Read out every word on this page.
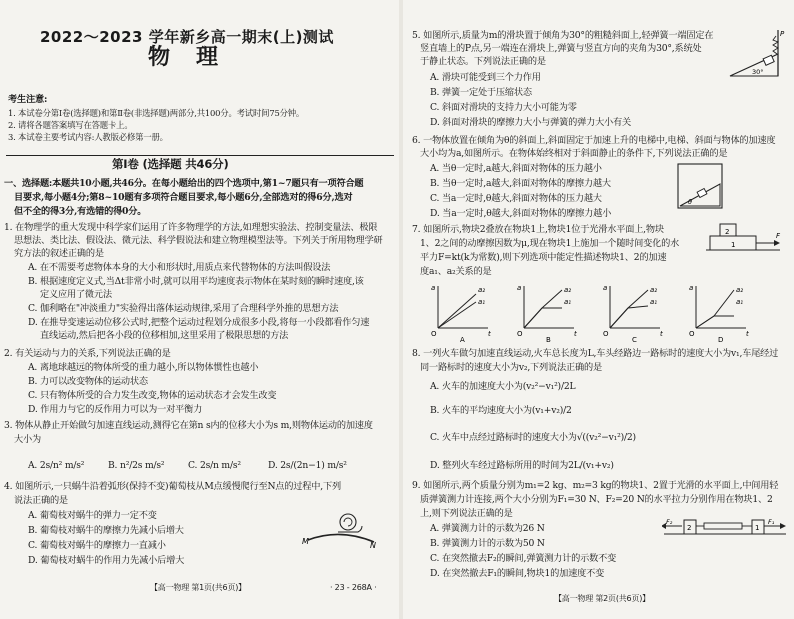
2022～2023 学年新乡高一期末(上)测试
物理
考生注意:
1. 本试卷分第Ⅰ卷(选择题)和第Ⅱ卷(非选择题)两部分,共100分。考试时间75分钟。
2. 请将各题答案填写在答题卡上。
3. 本试卷主要考试内容:人教版必修第一册。
第Ⅰ卷 (选择题 共46分)
一、选择题:本题共10小题,共46分。在每小题给出的四个选项中,第1~7题只有一项符合题
目要求,每小题4分;第8~10题有多项符合题目要求,每小题6分,全部选对的得6分,选对
但不全的得3分,有选错的得0分。
1. 在物理学的重大发现中科学家们运用了许多物理学的方法,如理想实验法、控制变量法、极限
思想法、类比法、假设法、微元法、科学假说法和建立物理模型法等。下列关于所用物理学研
究方法的叙述正确的是
A. 在不需要考虑物体本身的大小和形状时,用质点来代替物体的方法叫假设法
B. 根据速度定义式,当Δt非常小时,就可以用平均速度表示物体在某时刻的瞬时速度,该
定义应用了微元法
C. 伽利略在"冲淡重力"实验得出落体运动规律,采用了合理科学外推的思想方法
D. 在推导变速运动位移公式时,把整个运动过程划分成很多小段,将每一小段都看作匀速
直线运动,然后把各小段的位移相加,这里采用了极限思想的方法
2. 有关运动与力的关系,下列说法正确的是
A. 离地球越远的物体所受的重力越小,所以物体惯性也越小
B. 力可以改变物体的运动状态
C. 只有物体所受的合力发生改变,物体的运动状态才会发生改变
D. 作用力与它的反作用力可以为一对平衡力
3. 物体从静止开始做匀加速直线运动,测得它在第n s内的位移大小为s m,则物体运动的加速度
大小为
A. 2s/n² m/s²	B. n²/2s m/s²	C. 2s/n m/s²	D. 2s/(2n−1) m/s²
4. 如图所示,一只蜗牛沿着弧形(保持不变)葡萄枝从M点缓慢爬行至N点的过程中,下列
说法正确的是
A. 葡萄枝对蜗牛的弹力一定不变
B. 葡萄枝对蜗牛的摩擦力先减小后增大
C. 葡萄枝对蜗牛的摩擦力一直减小
D. 葡萄枝对蜗牛的作用力先减小后增大
M	N
【高一物理 第1页(共6页)】	· 23 - 268A ·
5. 如图所示,质量为m的滑块置于倾角为30°的粗糙斜面上,轻弹簧一端固定在
竖直墙上的P点,另一端连在滑块上,弹簧与竖直方向的夹角为30°,系统处
于静止状态。下列说法正确的是
A. 滑块可能受到三个力作用
B. 弹簧一定处于压缩状态
C. 斜面对滑块的支持力大小可能为零
D. 斜面对滑块的摩擦力大小与弹簧的弹力大小有关
P
30°
6. 一物体放置在倾角为θ的斜面上,斜面固定于加速上升的电梯中,电梯、斜面与物体的加速度
大小均为a,如图所示。在物体始终相对于斜面静止的条件下,下列说法正确的是
A. 当θ一定时,a越大,斜面对物体的压力越小
B. 当θ一定时,a越大,斜面对物体的摩擦力越大
C. 当a一定时,θ越大,斜面对物体的压力越大
D. 当a一定时,θ越大,斜面对物体的摩擦力越小
θ
7. 如图所示,物块2叠放在物块1上,物块1位于光滑水平面上,物块
1、2之间的动摩擦因数为μ,现在物块1上施加一个随时间变化的水
平力F=kt(k为常数),则下列选项中能定性描述物块1、2的加速
度a₁、a₂关系的是
2
1
F
a
t
O
a₂
a₁
A
a
t
O
a₂
a₁
B
a
t
O
a₂
a₁
C
a
t
O
a₂
a₁
D
8. 一列火车做匀加速直线运动,火车总长度为L,车头经路边一路标时的速度大小为v₁,车尾经过
同一路标时的速度大小为v₂,下列说法正确的是
A. 火车的加速度大小为(v₂²−v₁²)/2L
B. 火车的平均速度大小为(v₁+v₂)/2
C. 火车中点经过路标时的速度大小为√((v₂²−v₁²)/2)
D. 整列火车经过路标所用的时间为2L/(v₁+v₂)
9. 如图所示,两个质量分别为m₁=2 kg、m₂=3 kg的物块1、2置于光滑的水平面上,中间用轻
质弹簧测力计连接,两个大小分别为F₁=30 N、F₂=20 N的水平拉力分别作用在物块1、2
上,则下列说法正确的是
A. 弹簧测力计的示数为26 N
B. 弹簧测力计的示数为50 N
C. 在突然撤去F₂的瞬间,弹簧测力计的示数不变
D. 在突然撤去F₁的瞬间,物块1的加速度不变
F₂
2	1
F₁
【高一物理 第2页(共6页)】
